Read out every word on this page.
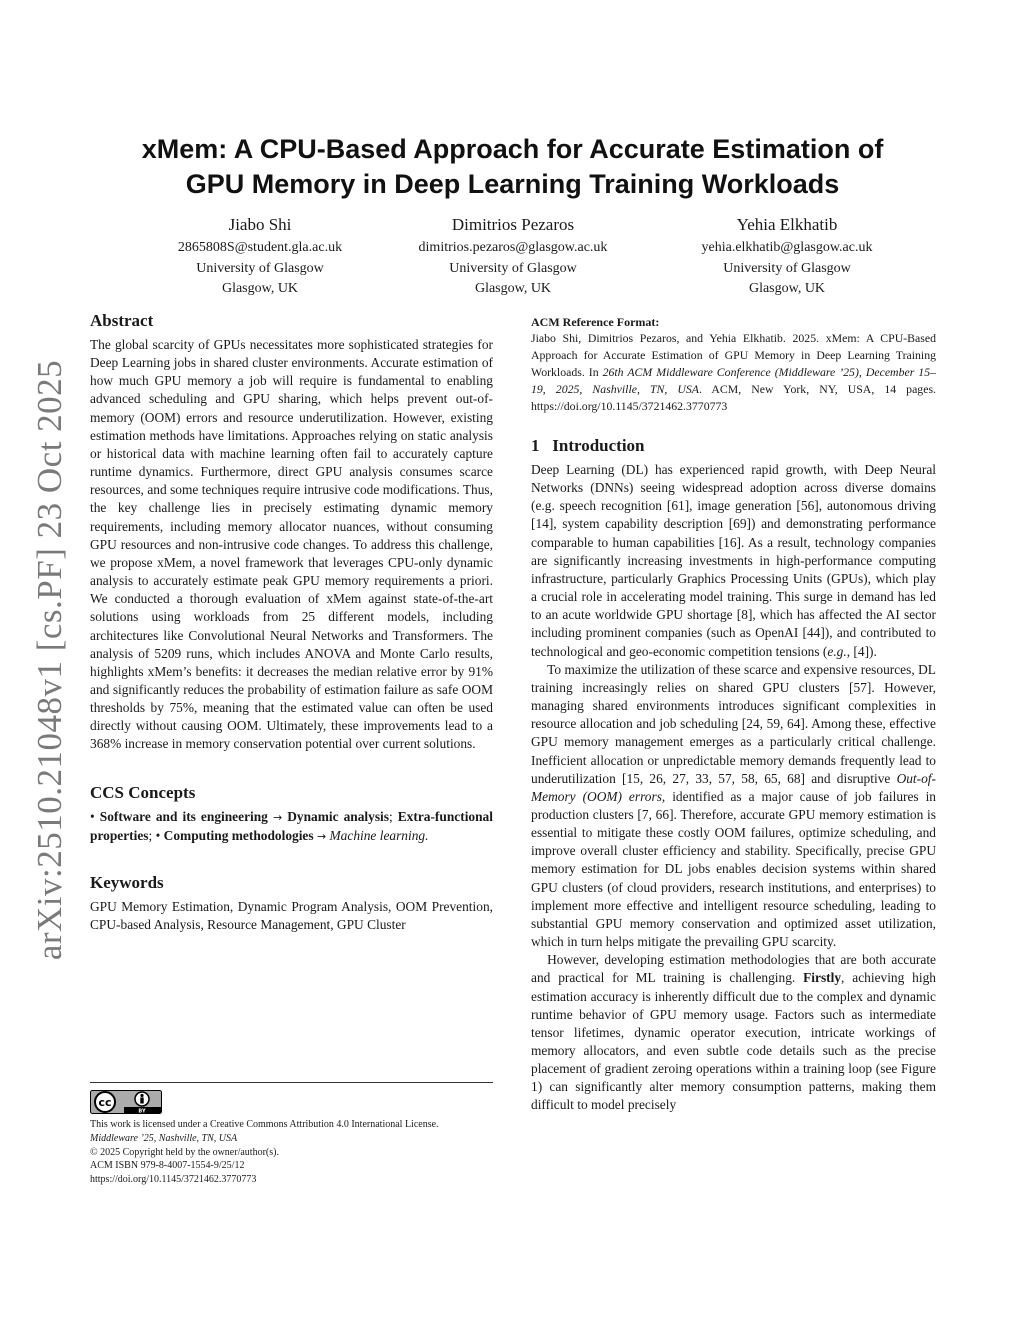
arXiv:2510.21048v1 [cs.PF] 23 Oct 2025
xMem: A CPU-Based Approach for Accurate Estimation of
GPU Memory in Deep Learning Training Workloads
Jiabo Shi
2865808S@student.gla.ac.uk
University of Glasgow
Glasgow, UK
Dimitrios Pezaros
dimitrios.pezaros@glasgow.ac.uk
University of Glasgow
Glasgow, UK
Yehia Elkhatib
yehia.elkhatib@glasgow.ac.uk
University of Glasgow
Glasgow, UK
Abstract

The global scarcity of GPUs necessitates more sophisticated strategies for Deep Learning jobs in shared cluster environments. Accurate estimation of how much GPU memory a job will require is fundamental to enabling advanced scheduling and GPU sharing, which helps prevent out-of-memory (OOM) errors and resource underutilization. However, existing estimation methods have limitations. Approaches relying on static analysis or historical data with machine learning often fail to accurately capture runtime dynamics. Furthermore, direct GPU analysis consumes scarce resources, and some techniques require intrusive code modifications. Thus, the key challenge lies in precisely estimating dynamic memory requirements, including memory allocator nuances, without consuming GPU resources and non-intrusive code changes. To address this challenge, we propose xMem, a novel framework that leverages CPU-only dynamic analysis to accurately estimate peak GPU memory requirements a priori. We conducted a thorough evaluation of xMem against state-of-the-art solutions using workloads from 25 different models, including architectures like Convolutional Neural Networks and Transformers. The analysis of 5209 runs, which includes ANOVA and Monte Carlo results, highlights xMem’s benefits: it decreases the median relative error by 91% and significantly reduces the probability of estimation failure as safe OOM thresholds by 75%, meaning that the estimated value can often be used directly without causing OOM. Ultimately, these improvements lead to a 368% increase in memory conservation potential over current solutions.

CCS Concepts
• Software and its engineering → Dynamic analysis; Extra-functional properties; • Computing methodologies → Machine learning.
Keywords

GPU Memory Estimation, Dynamic Program Analysis, OOM Prevention, CPU-based Analysis, Resource Management, GPU Cluster

cc
BY
This work is licensed under a Creative Commons Attribution 4.0 International License.
Middleware ’25, Nashville, TN, USA
© 2025 Copyright held by the owner/author(s).
ACM ISBN 979-8-4007-1554-9/25/12
https://doi.org/10.1145/3721462.3770773
ACM Reference Format:
Jiabo Shi, Dimitrios Pezaros, and Yehia Elkhatib. 2025. xMem: A CPU-Based Approach for Accurate Estimation of GPU Memory in Deep Learning Training Workloads. In 26th ACM Middleware Conference (Middleware ’25), December 15–19, 2025, Nashville, TN, USA. ACM, New York, NY, USA, 14 pages. https://doi.org/10.1145/3721462.3770773
1 Introduction

Deep Learning (DL) has experienced rapid growth, with Deep Neural Networks (DNNs) seeing widespread adoption across diverse domains (e.g. speech recognition [61], image generation [56], autonomous driving [14], system capability description [69]) and demonstrating performance comparable to human capabilities [16]. As a result, technology companies are significantly increasing investments in high-performance computing infrastructure, particularly Graphics Processing Units (GPUs), which play a crucial role in accelerating model training. This surge in demand has led to an acute worldwide GPU shortage [8], which has affected the AI sector including prominent companies (such as OpenAI [44]), and contributed to technological and geo-economic competition tensions (e.g., [4]).

To maximize the utilization of these scarce and expensive resources, DL training increasingly relies on shared GPU clusters [57]. However, managing shared environments introduces significant complexities in resource allocation and job scheduling [24, 59, 64]. Among these, effective GPU memory management emerges as a particularly critical challenge. Inefficient allocation or unpredictable memory demands frequently lead to underutilization [15, 26, 27, 33, 57, 58, 65, 68] and disruptive Out-of-Memory (OOM) errors, identified as a major cause of job failures in production clusters [7, 66]. Therefore, accurate GPU memory estimation is essential to mitigate these costly OOM failures, optimize scheduling, and improve overall cluster efficiency and stability. Specifically, precise GPU memory estimation for DL jobs enables decision systems within shared GPU clusters (of cloud providers, research institutions, and enterprises) to implement more effective and intelligent resource scheduling, leading to substantial GPU memory conservation and optimized asset utilization, which in turn helps mitigate the prevailing GPU scarcity.

However, developing estimation methodologies that are both accurate and practical for ML training is challenging. Firstly, achieving high estimation accuracy is inherently difficult due to the complex and dynamic runtime behavior of GPU memory usage. Factors such as intermediate tensor lifetimes, dynamic operator execution, intricate workings of memory allocators, and even subtle code details such as the precise placement of gradient zeroing operations within a training loop (see Figure 1) can significantly alter memory consumption patterns, making them difficult to model precisely
